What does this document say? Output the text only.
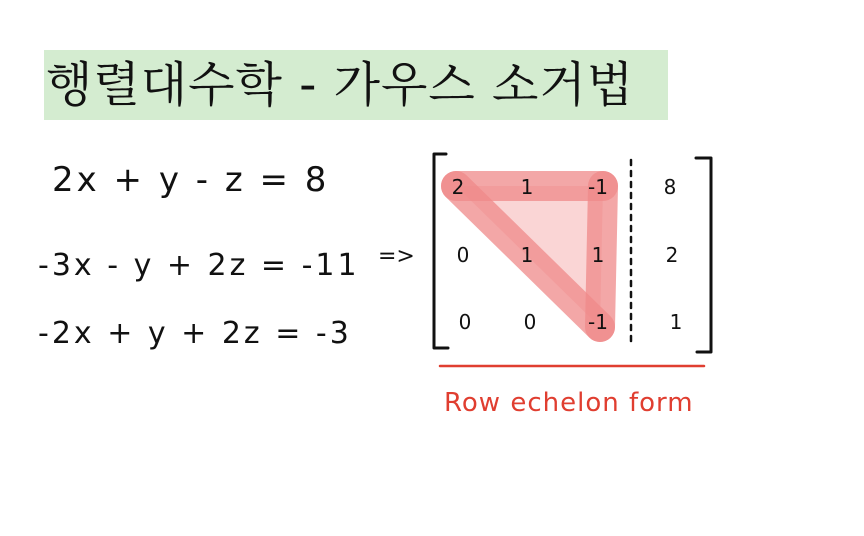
행렬대수학 - 가우스 소거법
2x + y - z = 8
-3x - y + 2z = -11
-2x + y + 2z = -3
=>
2	1	-1	8
0	1	1	2
0	0	-1	1
Row echelon form
